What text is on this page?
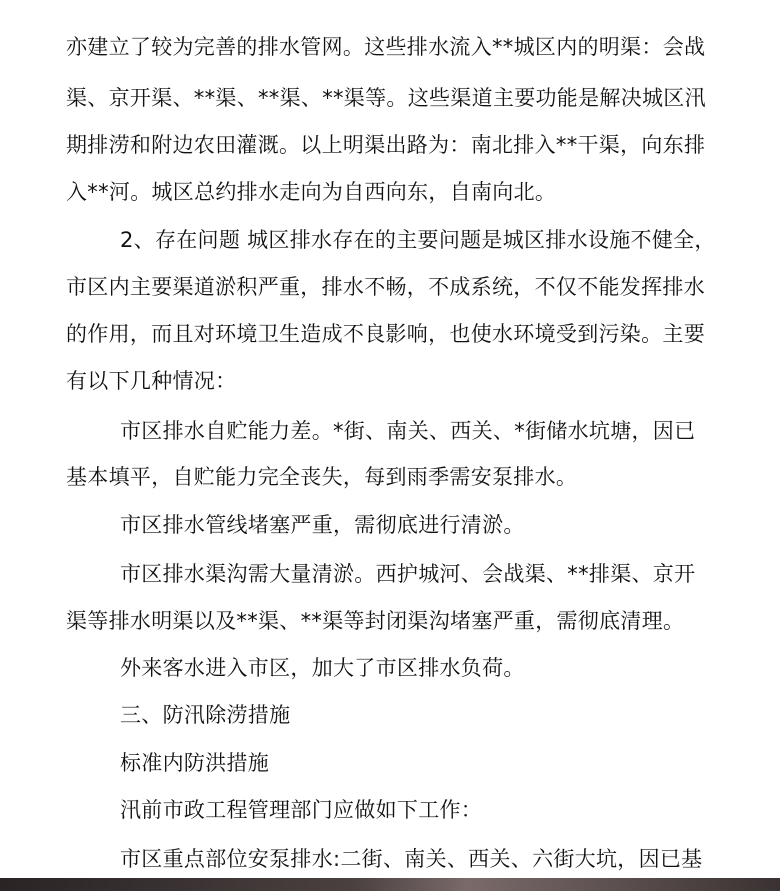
亦建立了较为完善的排水管网。这些排水流入**城区内的明渠：会战
渠、京开渠、**渠、**渠、**渠等。这些渠道主要功能是解决城区汛
期排涝和附边农田灌溉。以上明渠出路为：南北排入**干渠，向东排
入**河。城区总约排水走向为自西向东，自南向北。
2、存在问题 城区排水存在的主要问题是城区排水设施不健全，
市区内主要渠道淤积严重，排水不畅，不成系统，不仅不能发挥排水
的作用，而且对环境卫生造成不良影响，也使水环境受到污染。主要
有以下几种情况：
市区排水自贮能力差。*街、南关、西关、*街储水坑塘，因已
基本填平，自贮能力完全丧失，每到雨季需安泵排水。
市区排水管线堵塞严重，需彻底进行清淤。
市区排水渠沟需大量清淤。西护城河、会战渠、**排渠、京开
渠等排水明渠以及**渠、**渠等封闭渠沟堵塞严重，需彻底清理。
外来客水进入市区，加大了市区排水负荷。
三、防汛除涝措施
标准内防洪措施
汛前市政工程管理部门应做如下工作：
市区重点部位安泵排水:二街、南关、西关、六街大坑，因已基
